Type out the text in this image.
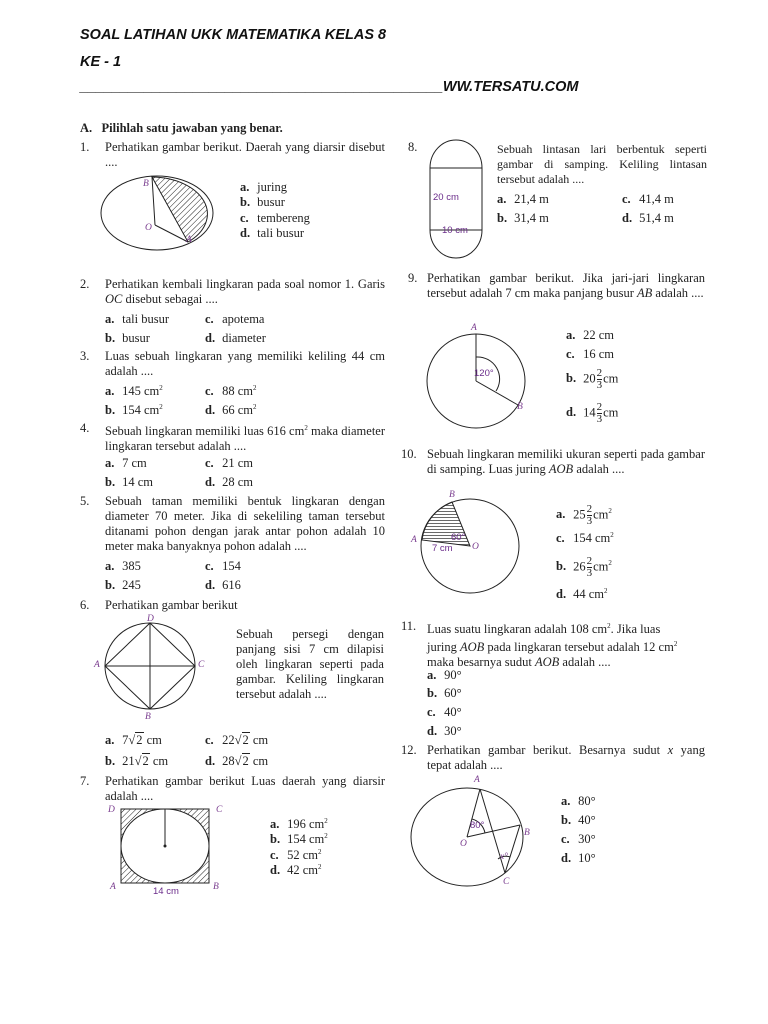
SOAL LATIHAN UKK MATEMATIKA KELAS 8
KE - 1
_____________________________________________WW.TERSATU.COM
A. Pilihlah satu jawaban yang benar.
1. Perhatikan gambar berikut. Daerah yang diarsir disebut ....
B
O
A
a. juring
b. busur
c. tembereng
d. tali busur
2. Perhatikan kembali lingkaran pada soal nomor 1. Garis OC disebut sebagai ....
a. tali busur	c. apotema
b. busur	d. diameter
3. Luas sebuah lingkaran yang memiliki keliling 44 cm adalah ....
a. 145 $cm^2$	c. 88 $cm^2$
b. 154 $cm^2$	d. 66 $cm^2$
4. Sebuah lingkaran memiliki luas 616 $cm^2$ maka diameter lingkaran tersebut adalah ....
a. 7 cm	c. 21 cm
b. 14 cm	d. 28 cm
5. Sebuah taman memiliki bentuk lingkaran dengan diameter 70 meter. Jika di sekeliling taman tersebut ditanami pohon dengan jarak antar pohon adalah 10 meter maka banyaknya pohon adalah ....
a. 385	c. 154
b. 245	d. 616
6. Perhatikan gambar berikut
D
A	C
B
Sebuah persegi dengan panjang sisi 7 cm dilapisi oleh lingkaran seperti pada gambar. Keliling lingkaran tersebut adalah ....
a. 7√2 cm	c. 22√2 cm
b. 21√2 cm	d. 28√2 cm
7. Perhatikan gambar berikut Luas daerah yang diarsir adalah ....
D	C
A	B
14 cm
a. 196 $cm^2$
b. 154 $cm^2$
c. 52 $cm^2$
d. 42 $cm^2$
8.
20 cm
10 cm
Sebuah lintasan lari berbentuk seperti gambar di samping. Keliling lintasan tersebut adalah ....
a. 21,4 m	c. 41,4 m
b. 31,4 m	d. 51,4 m
9. Perhatikan gambar berikut. Jika jari-jari lingkaran tersebut adalah 7 cm maka panjang busur AB adalah ....
A
B
120°
a. 22 cm
c. 16 cm
b. $20 \frac{2}{3}$ cm
d. $14 \frac{2}{3}$ cm
10. Sebuah lingkaran memiliki ukuran seperti pada gambar di samping. Luas juring AOB adalah ....
B
A
O
60°
7 cm
a. $25 \frac{2}{3} cm^2$
c. 154 $cm^2$
b. $26 \frac{2}{3} cm^2$
d. 44 $cm^2$
11. Luas suatu lingkaran adalah 108 $cm^2$. Jika luas
juring AOB pada lingkaran tersebut adalah 12 $cm^2$
maka besarnya sudut AOB adalah ....
a. 90°
b. 60°
c. 40°
d. 30°
12. Perhatikan gambar berikut. Besarnya sudut x yang tepat adalah ....
A
B
C
O
80°
x°
a. 80°
b. 40°
c. 30°
d. 10°
